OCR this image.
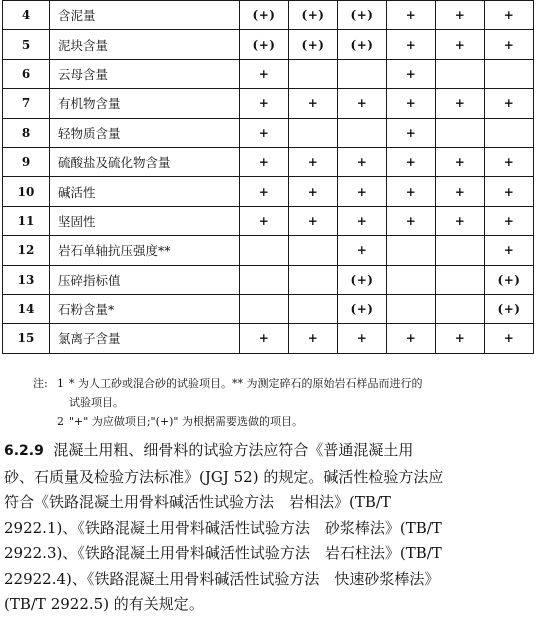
4	含泥量	(+)	(+)	(+)	+	+	+
5	泥块含量	(+)	(+)	(+)	+	+	+
6	云母含量	+			+		
7	有机物含量	+	+	+	+	+	+
8	轻物质含量	+			+		
9	硫酸盐及硫化物含量	+	+	+	+	+	+
10	碱活性	+	+	+	+	+	+
11	坚固性	+	+	+	+	+	+
12	岩石单轴抗压强度**			+			+
13	压碎指标值			(+)			(+)
14	石粉含量*			(+)			(+)
15	氯离子含量	+	+	+	+	+	+
注: 1 * 为人工砂或混合砂的试验项目。** 为测定碎石的原始岩石样品而进行的
试验项目。
2 "+" 为应做项目;"(+)" 为根据需要选做的项目。
6.2.9 混凝土用粗、细骨料的试验方法应符合《普通混凝土用
砂、石质量及检验方法标准》(JGJ 52) 的规定。碱活性检验方法应
符合《铁路混凝土用骨料碱活性试验方法　岩相法》(TB/T
2922.1)、《铁路混凝土用骨料碱活性试验方法　砂浆棒法》(TB/T
2922.3)、《铁路混凝土用骨料碱活性试验方法　岩石柱法》(TB/T
22922.4)、《铁路混凝土用骨料碱活性试验方法　快速砂浆棒法》
(TB/T 2922.5) 的有关规定。
